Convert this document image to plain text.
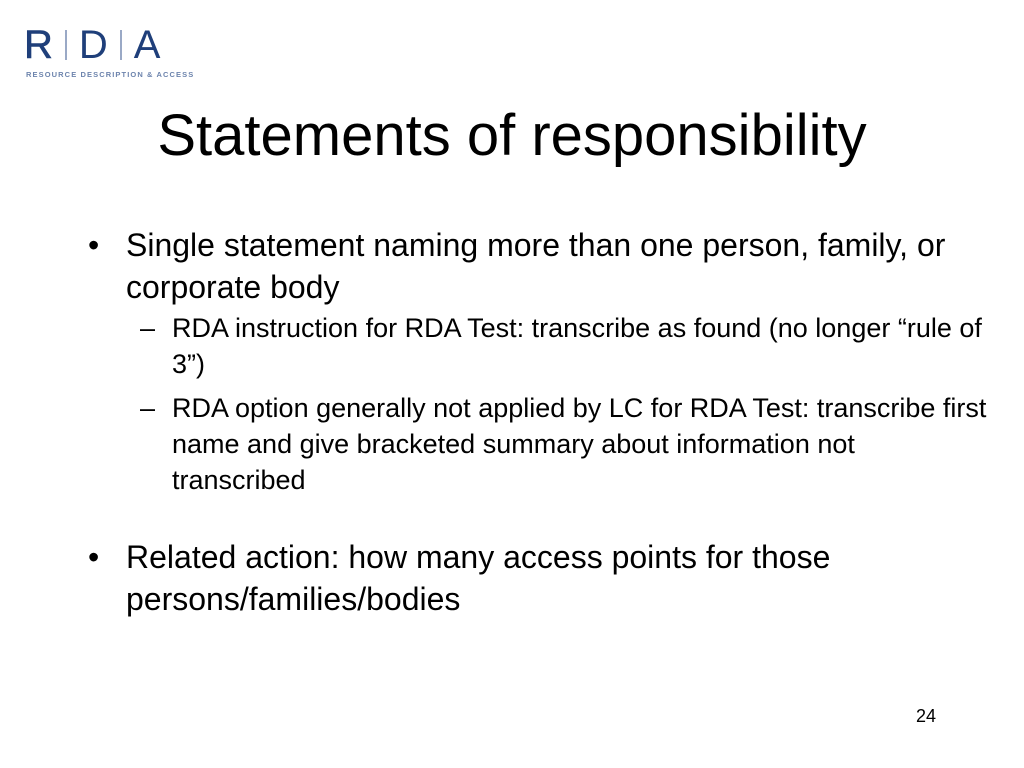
R D A
RESOURCE DESCRIPTION & ACCESS
Statements of responsibility
• Single statement naming more than one person, family, or corporate body
– RDA instruction for RDA Test: transcribe as found (no longer “rule of 3”)
– RDA option generally not applied by LC for RDA Test: transcribe first name and give bracketed summary about information not transcribed
• Related action: how many access points for those persons/families/bodies
24
